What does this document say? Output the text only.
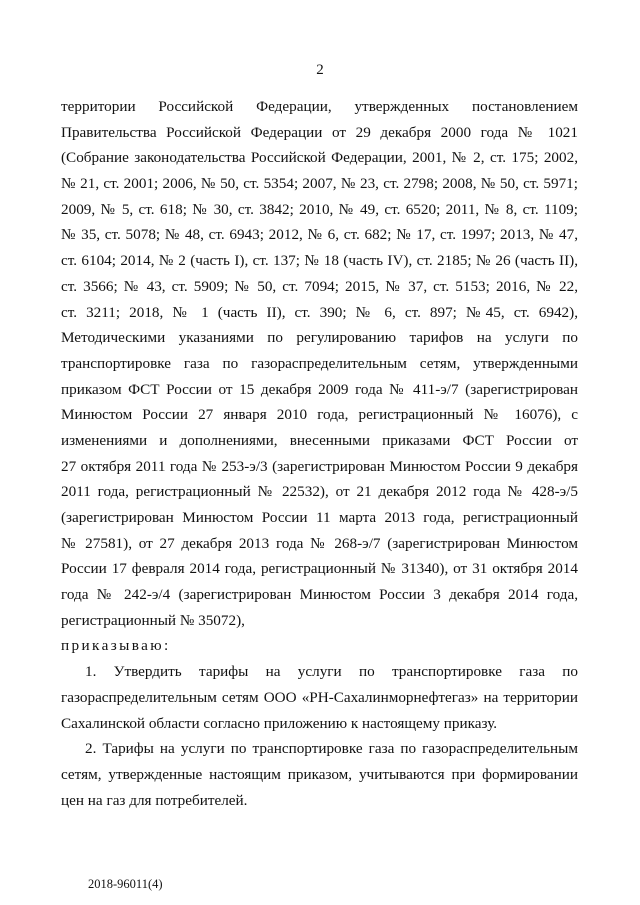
2
территории Российской Федерации, утвержденных постановлением
Правительства Российской Федерации от 29 декабря 2000 года № 1021
(Собрание законодательства Российской Федерации, 2001, № 2, ст. 175; 2002,
№ 21, ст. 2001; 2006, № 50, ст. 5354; 2007, № 23, ст. 2798; 2008, № 50, ст. 5971;
2009, № 5, ст. 618; № 30, ст. 3842; 2010, № 49, ст. 6520; 2011, № 8, ст. 1109;
№ 35, ст. 5078; № 48, ст. 6943; 2012, № 6, ст. 682; № 17, ст. 1997; 2013, № 47,
ст. 6104; 2014, № 2 (часть I), ст. 137; № 18 (часть IV), ст. 2185; № 26 (часть II),
ст. 3566; № 43, ст. 5909; № 50, ст. 7094; 2015, № 37, ст. 5153; 2016, № 22,
ст. 3211; 2018, № 1 (часть II), ст. 390; № 6, ст. 897; №45, ст. 6942),
Методическими указаниями по регулированию тарифов на услуги по
транспортировке газа по газораспределительным сетям, утвержденными
приказом ФСТ России от 15 декабря 2009 года № 411-э/7 (зарегистрирован
Минюстом России 27 января 2010 года, регистрационный № 16076), с
изменениями и дополнениями, внесенными приказами ФСТ России от
27 октября 2011 года № 253-э/3 (зарегистрирован Минюстом России 9 декабря
2011 года, регистрационный № 22532), от 21 декабря 2012 года № 428-э/5
(зарегистрирован Минюстом России 11 марта 2013 года, регистрационный
№ 27581), от 27 декабря 2013 года № 268-э/7 (зарегистрирован Минюстом
России 17 февраля 2014 года, регистрационный № 31340), от 31 октября 2014
года № 242-э/4 (зарегистрирован Минюстом России 3 декабря 2014 года,
регистрационный № 35072),
приказываю:
1. Утвердить тарифы на услуги по транспортировке газа по
газораспределительным сетям ООО «РН-Сахалинморнефтегаз» на территории
Сахалинской области согласно приложению к настоящему приказу.
2. Тарифы на услуги по транспортировке газа по газораспределительным
сетям, утвержденные настоящим приказом, учитываются при формировании
цен на газ для потребителей.
2018-96011(4)
